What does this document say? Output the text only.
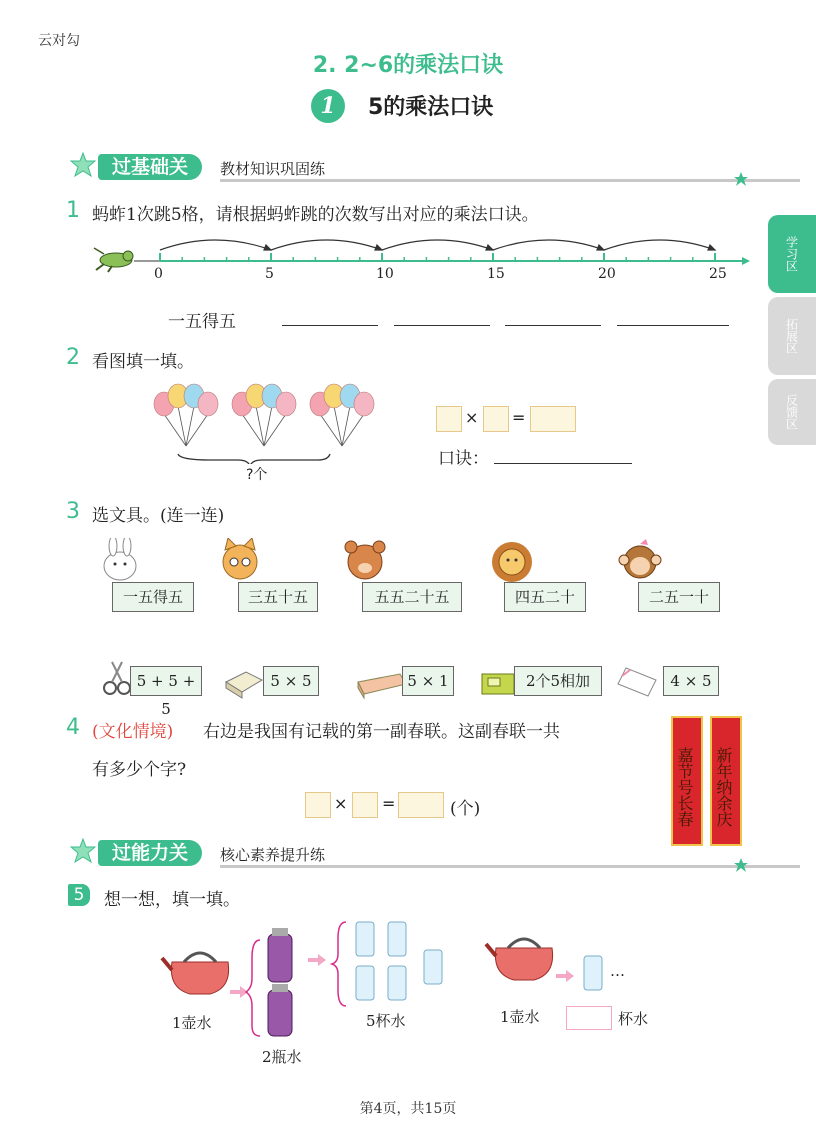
云对勾
2. 2~6的乘法口诀
1	5的乘法口诀
学习区
拓展区
反馈区
过基础关	教材知识巩固练
1 蚂蚱1次跳5格，请根据蚂蚱跳的次数写出对应的乘法口诀。
0	5	10	15	20	25
一五得五
2 看图填一填。
?个
× =
口诀：
3 选文具。(连一连)
一五得五	三五十五	五五二十五	四五二十	二五一十
5 + 5 + 5
5 × 5	5 × 1	2个5相加	4 × 5
4 (文化情境) 右边是我国有记载的第一副春联。这副春联一共
有多少个字?
× =	(个)	嘉节号长春	新年纳余庆
过能力关	核心素养提升练
5	想一想，填一填。
…
1壶水
2瓶水
5杯水	1壶水	杯水
第4页，共15页
